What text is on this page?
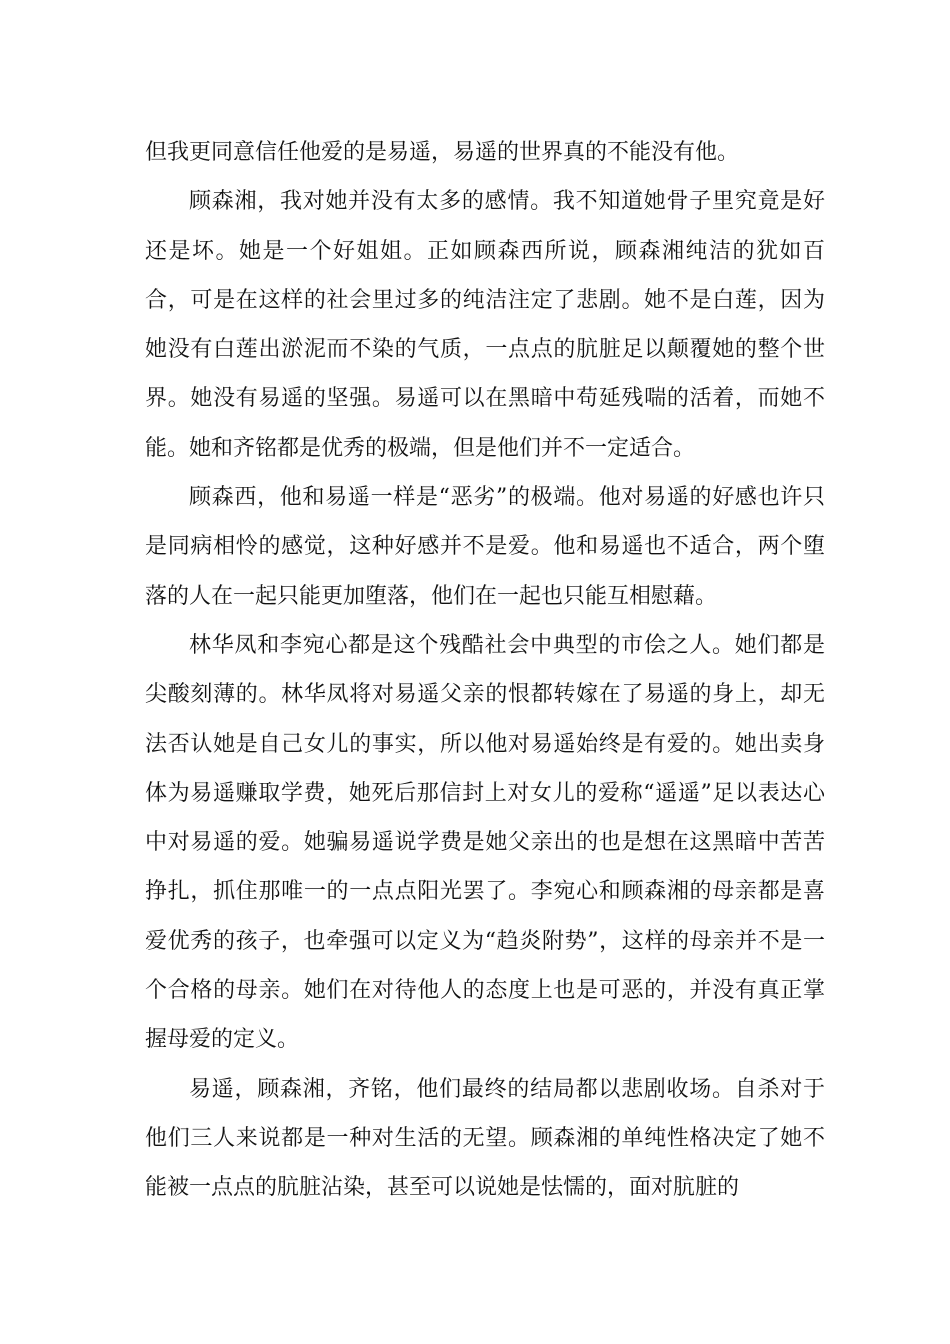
但我更同意信任他爱的是易遥，易遥的世界真的不能没有他。

顾森湘，我对她并没有太多的感情。我不知道她骨子里究竟是好还是坏。她是一个好姐姐。正如顾森西所说，顾森湘纯洁的犹如百合，可是在这样的社会里过多的纯洁注定了悲剧。她不是白莲，因为她没有白莲出淤泥而不染的气质，一点点的肮脏足以颠覆她的整个世界。她没有易遥的坚强。易遥可以在黑暗中苟延残喘的活着，而她不能。她和齐铭都是优秀的极端，但是他们并不一定适合。

顾森西，他和易遥一样是“恶劣”的极端。他对易遥的好感也许只是同病相怜的感觉，这种好感并不是爱。他和易遥也不适合，两个堕落的人在一起只能更加堕落，他们在一起也只能互相慰藉。

林华凤和李宛心都是这个残酷社会中典型的市侩之人。她们都是尖酸刻薄的。林华凤将对易遥父亲的恨都转嫁在了易遥的身上，却无法否认她是自己女儿的事实，所以他对易遥始终是有爱的。她出卖身体为易遥赚取学费，她死后那信封上对女儿的爱称“遥遥”足以表达心中对易遥的爱。她骗易遥说学费是她父亲出的也是想在这黑暗中苦苦挣扎，抓住那唯一的一点点阳光罢了。李宛心和顾森湘的母亲都是喜爱优秀的孩子，也牵强可以定义为“趋炎附势”，这样的母亲并不是一个合格的母亲。她们在对待他人的态度上也是可恶的，并没有真正掌握母爱的定义。

易遥，顾森湘，齐铭，他们最终的结局都以悲剧收场。自杀对于他们三人来说都是一种对生活的无望。顾森湘的单纯性格决定了她不能被一点点的肮脏沾染，甚至可以说她是怯懦的，面对肮脏的
